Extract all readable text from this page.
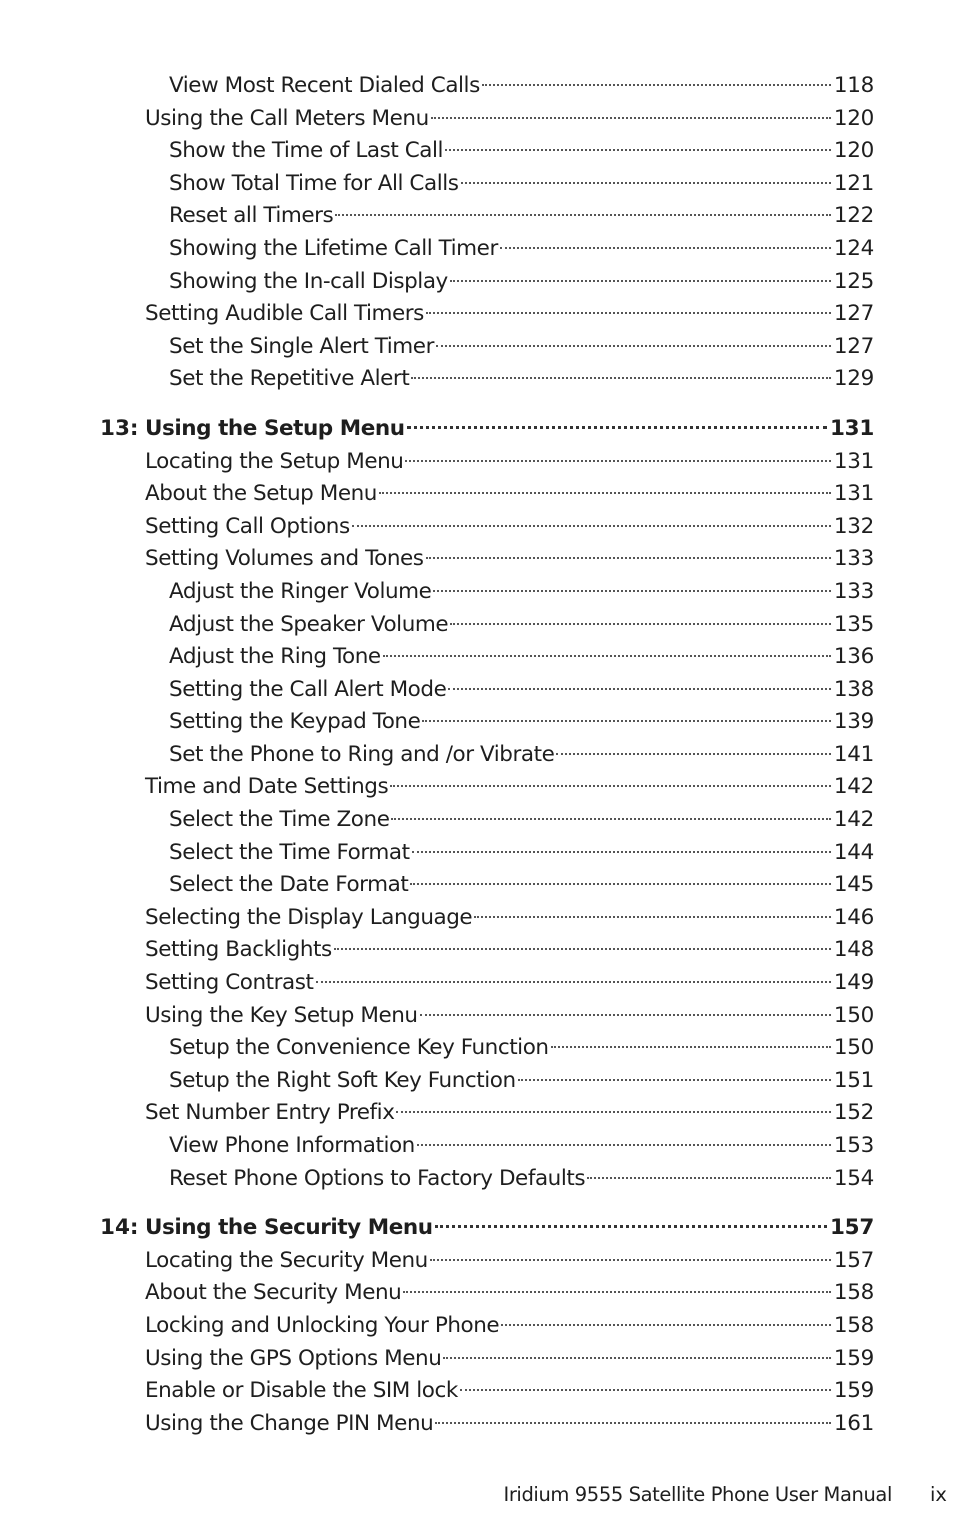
View Most Recent Dialed Calls	118
Using the Call Meters Menu	120
Show the Time of Last Call	120
Show Total Time for All Calls	121
Reset all Timers	122
Showing the Lifetime Call Timer	124
Showing the In-call Display	125
Setting Audible Call Timers	127
Set the Single Alert Timer	127
Set the Repetitive Alert	129
13: Using the Setup Menu	131
Locating the Setup Menu	131
About the Setup Menu	131
Setting Call Options	132
Setting Volumes and Tones	133
Adjust the Ringer Volume	133
Adjust the Speaker Volume	135
Adjust the Ring Tone	136
Setting the Call Alert Mode	138
Setting the Keypad Tone	139
Set the Phone to Ring and /or Vibrate	141
Time and Date Settings	142
Select the Time Zone	142
Select the Time Format	144
Select the Date Format	145
Selecting the Display Language	146
Setting Backlights	148
Setting Contrast	149
Using the Key Setup Menu	150
Setup the Convenience Key Function	150
Setup the Right Soft Key Function	151
Set Number Entry Prefix	152
View Phone Information	153
Reset Phone Options to Factory Defaults	154
14: Using the Security Menu	157
Locating the Security Menu	157
About the Security Menu	158
Locking and Unlocking Your Phone	158
Using the GPS Options Menu	159
Enable or Disable the SIM lock	159
Using the Change PIN Menu	161
Iridium 9555 Satellite Phone User Manual ix
